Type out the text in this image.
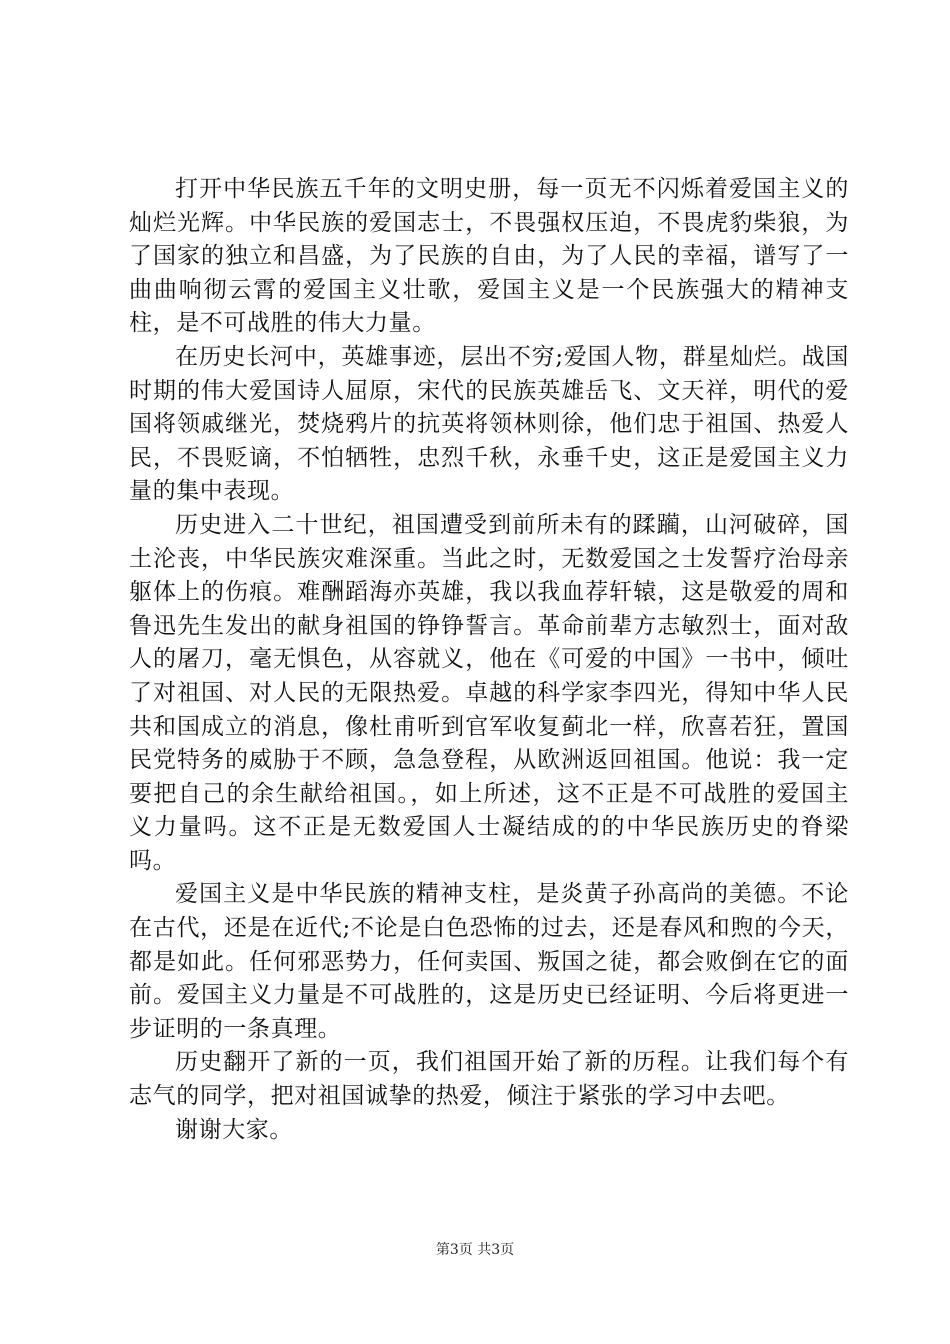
打开中华民族五千年的文明史册，每一页无不闪烁着爱国主义的灿烂光辉。中华民族的爱国志士，不畏强权压迫，不畏虎豹柴狼，为了国家的独立和昌盛，为了民族的自由，为了人民的幸福，谱写了一曲曲响彻云霄的爱国主义壮歌，爱国主义是一个民族强大的精神支柱，是不可战胜的伟大力量。

在历史长河中，英雄事迹，层出不穷;爱国人物，群星灿烂。战国时期的伟大爱国诗人屈原，宋代的民族英雄岳飞、文天祥，明代的爱国将领戚继光，焚烧鸦片的抗英将领林则徐，他们忠于祖国、热爱人民，不畏贬谪，不怕牺牲，忠烈千秋，永垂千史，这正是爱国主义力量的集中表现。

历史进入二十世纪，祖国遭受到前所未有的蹂躏，山河破碎，国土沦丧，中华民族灾难深重。当此之时，无数爱国之士发誓疗治母亲躯体上的伤痕。难酬蹈海亦英雄，我以我血荐轩辕，这是敬爱的周和鲁迅先生发出的献身祖国的铮铮誓言。革命前辈方志敏烈士，面对敌人的屠刀，毫无惧色，从容就义，他在《可爱的中国》一书中，倾吐了对祖国、对人民的无限热爱。卓越的科学家李四光，得知中华人民共和国成立的消息，像杜甫听到官军收复蓟北一样，欣喜若狂，置国民党特务的威胁于不顾，急急登程，从欧洲返回祖国。他说：我一定要把自己的余生献给祖国。，如上所述，这不正是不可战胜的爱国主义力量吗。这不正是无数爱国人士凝结成的的中华民族历史的脊梁吗。

爱国主义是中华民族的精神支柱，是炎黄子孙高尚的美德。不论在古代，还是在近代;不论是白色恐怖的过去，还是春风和煦的今天，都是如此。任何邪恶势力，任何卖国、叛国之徒，都会败倒在它的面前。爱国主义力量是不可战胜的，这是历史已经证明、今后将更进一步证明的一条真理。

历史翻开了新的一页，我们祖国开始了新的历程。让我们每个有志气的同学，把对祖国诚挚的热爱，倾注于紧张的学习中去吧。

谢谢大家。

第3页 共3页
